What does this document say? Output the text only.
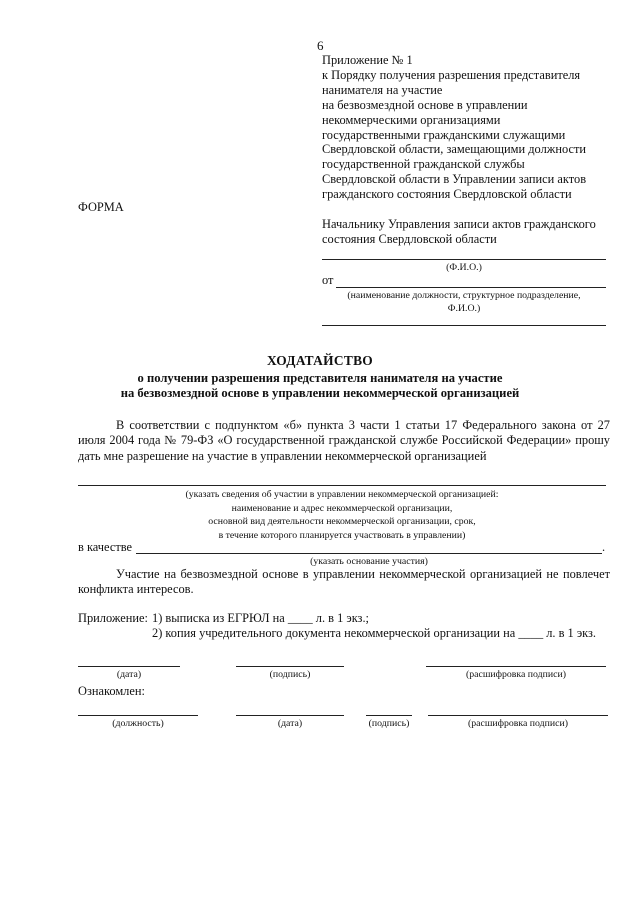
6
Приложение № 1
к Порядку получения разрешения представителя
нанимателя на участие
на безвозмездной основе в управлении
некоммерческими организациями
государственными гражданскими служащими
Свердловской области, замещающими должности
государственной гражданской службы
Свердловской области в Управлении записи актов
гражданского состояния Свердловской области
ФОРМА
Начальнику Управления записи актов гражданского
состояния Свердловской области
(Ф.И.О.)
от
(наименование должности, структурное подразделение,
Ф.И.О.)
ХОДАТАЙСТВО
о получении разрешения представителя нанимателя на участие
на безвозмездной основе в управлении некоммерческой организацией
В соответствии с подпунктом «б» пункта 3 части 1 статьи 17 Федерального закона от 27 июля 2004 года № 79-ФЗ «О государственной гражданской службе Российской Федерации» прошу дать мне разрешение на участие в управлении некоммерческой организацией
(указать сведения об участии в управлении некоммерческой организацией:
наименование и адрес некоммерческой организации,
основной вид деятельности некоммерческой организации, срок,
в течение которого планируется участвовать в управлении)
в качестве	.
(указать основание участия)
Участие на безвозмездной основе в управлении некоммерческой организацией не повлечет конфликта интересов.
Приложение: 1) выписка из ЕГРЮЛ на ____ л. в 1 экз.;
2) копия учредительного документа некоммерческой организации на ____ л. в 1 экз.
(дата)	(подпись)	(расшифровка подписи)
Ознакомлен:
(должность)	(дата)	(подпись)	(расшифровка подписи)
